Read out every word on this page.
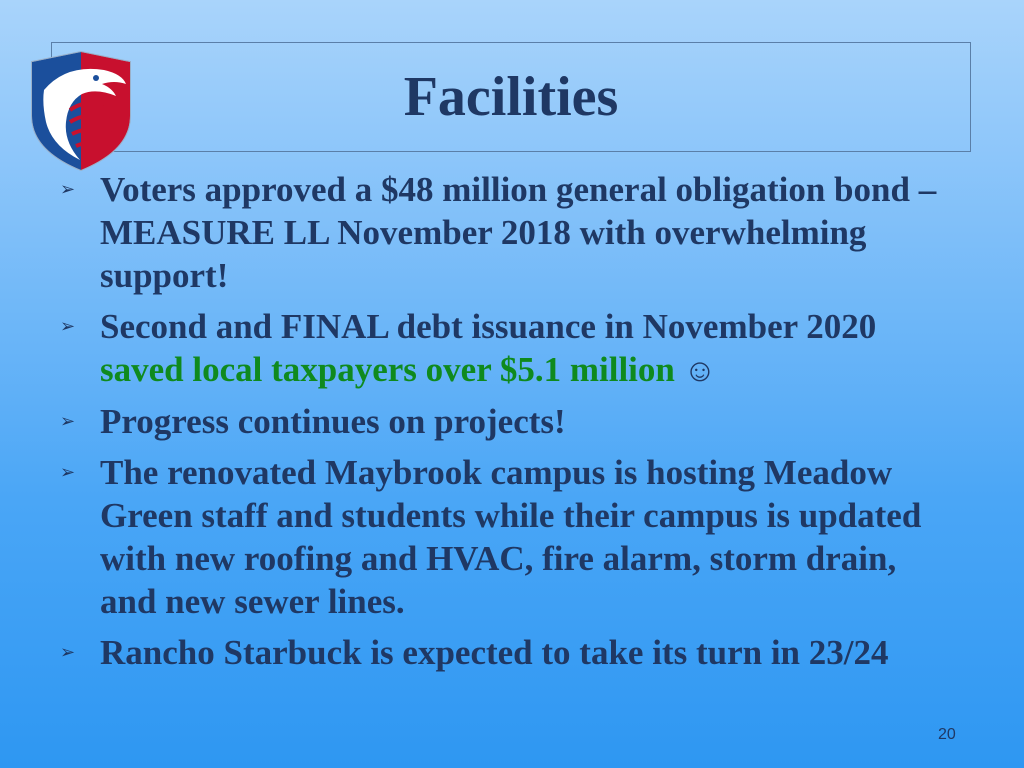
Facilities
➢ Voters approved a $48 million general obligation bond – MEASURE LL November 2018 with overwhelming support!
➢ Second and FINAL debt issuance in November 2020 saved local taxpayers over $5.1 million ☺
➢ Progress continues on projects!
➢ The renovated Maybrook campus is hosting Meadow Green staff and students while their campus is updated with new roofing and HVAC, fire alarm, storm drain, and new sewer lines.
➢ Rancho Starbuck is expected to take its turn in 23/24
20
